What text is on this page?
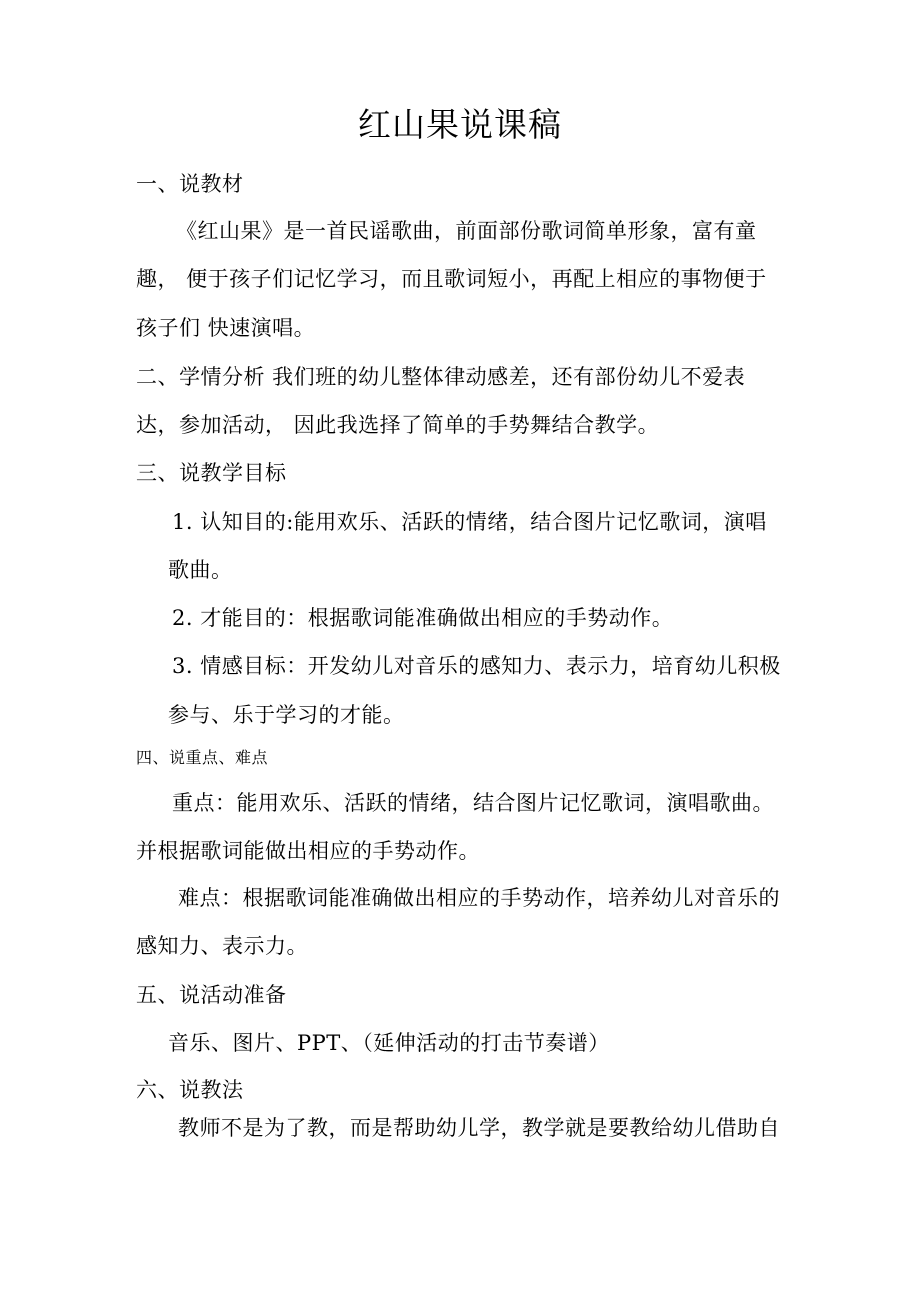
红山果说课稿
一、说教材
《红山果》是一首民谣歌曲，前面部份歌词简单形象，富有童
趣， 便于孩子们记忆学习，而且歌词短小，再配上相应的事物便于
孩子们 快速演唱。
二、学情分析 我们班的幼儿整体律动感差，还有部份幼儿不爱表
达，参加活动， 因此我选择了简单的手势舞结合教学。
三、说教学目标
1. 认知目的:能用欢乐、活跃的情绪，结合图片记忆歌词，演唱
歌曲。
2. 才能目的：根据歌词能准确做出相应的手势动作。
3. 情感目标：开发幼儿对音乐的感知力、表示力，培育幼儿积极
参与、乐于学习的才能。
四、说重点、难点
重点：能用欢乐、活跃的情绪，结合图片记忆歌词，演唱歌曲。
并根据歌词能做出相应的手势动作。
难点：根据歌词能准确做出相应的手势动作，培养幼儿对音乐的
感知力、表示力。
五、说活动准备
音乐、图片、PPT、（延伸活动的打击节奏谱）
六、说教法
教师不是为了教，而是帮助幼儿学，教学就是要教给幼儿借助自
